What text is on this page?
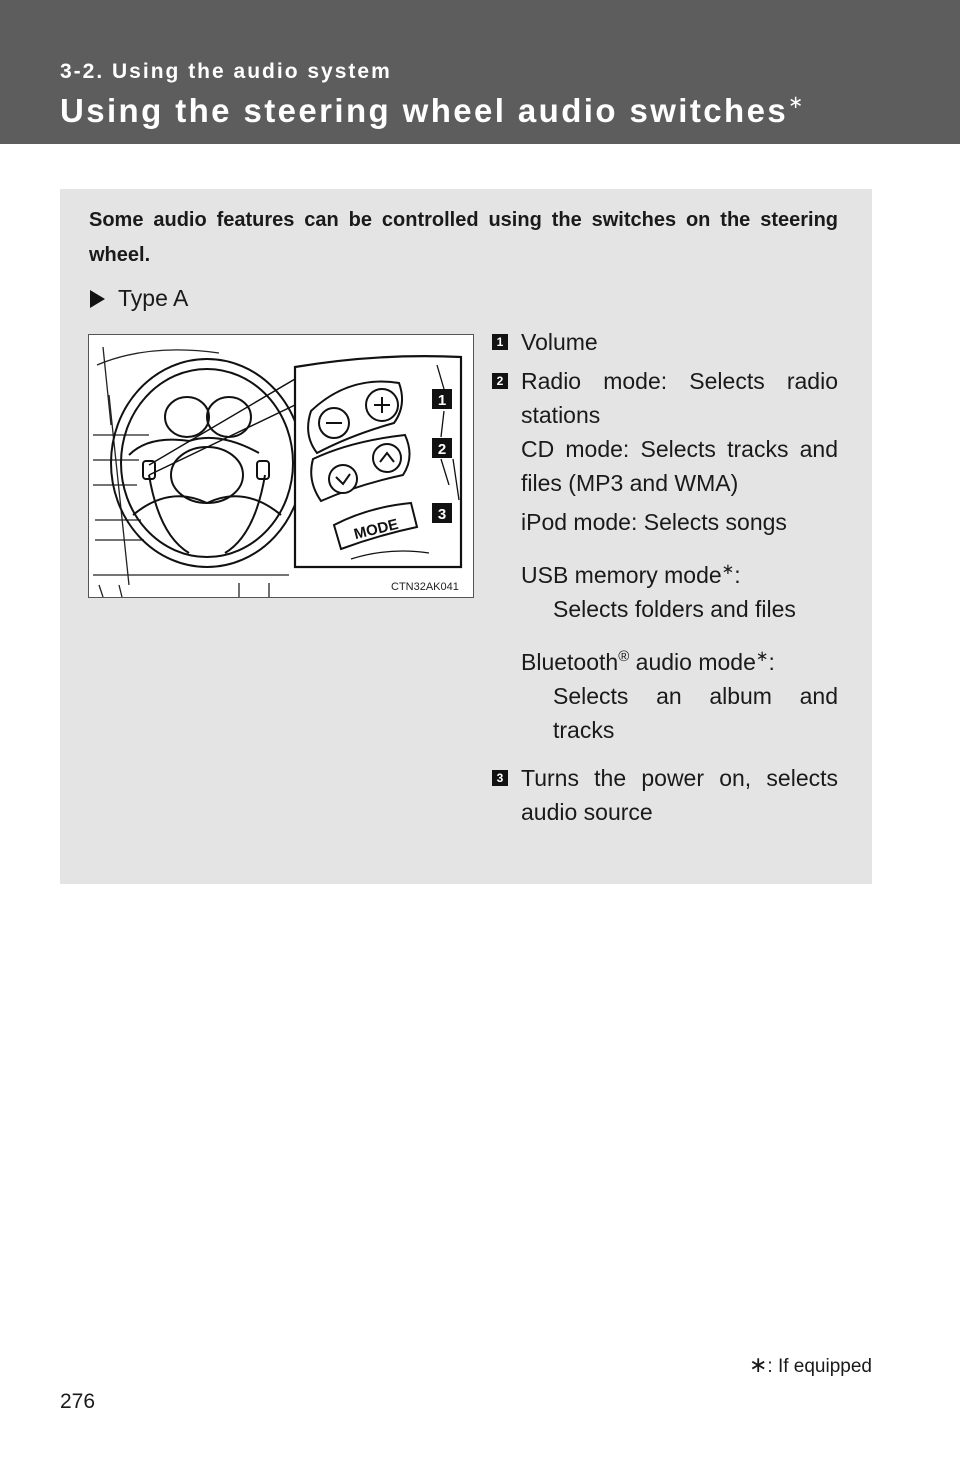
3-2. Using the audio system
Using the steering wheel audio switches∗
Some audio features can be controlled using the switches on the steering wheel.
Type A
MODE
1
2
3
CTN32AK041
1 Volume
2 Radio mode: Selects radio stations
CD mode: Selects tracks and files (MP3 and WMA)
iPod mode: Selects songs
USB memory mode∗:
Selects folders and files
Bluetooth® audio mode∗:
Selects an album and tracks
3 Turns the power on, selects audio source
∗: If equipped
276
